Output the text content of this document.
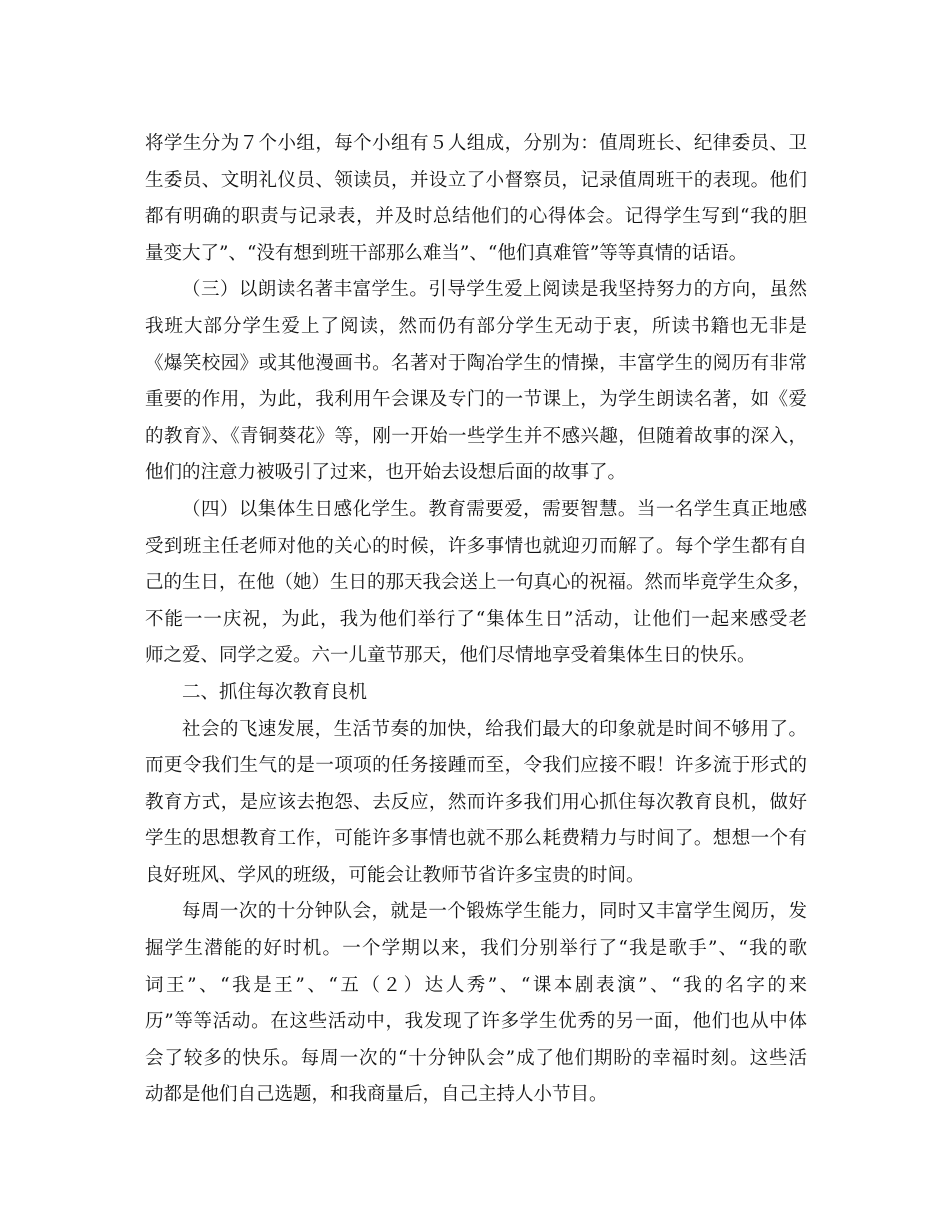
将学生分为７个小组，每个小组有５人组成，分别为：值周班长、纪律委员、卫
生委员、文明礼仪员、领读员，并设立了小督察员，记录值周班干的表现。他们
都有明确的职责与记录表，并及时总结他们的心得体会。记得学生写到“我的胆
量变大了”、“没有想到班干部那么难当”、“他们真难管”等等真情的话语。
（三）以朗读名著丰富学生。引导学生爱上阅读是我坚持努力的方向，虽然
我班大部分学生爱上了阅读，然而仍有部分学生无动于衷，所读书籍也无非是
《爆笑校园》或其他漫画书。名著对于陶冶学生的情操，丰富学生的阅历有非常
重要的作用，为此，我利用午会课及专门的一节课上，为学生朗读名著，如《爱
的教育》、《青铜葵花》等，刚一开始一些学生并不感兴趣，但随着故事的深入，
他们的注意力被吸引了过来，也开始去设想后面的故事了。
（四）以集体生日感化学生。教育需要爱，需要智慧。当一名学生真正地感
受到班主任老师对他的关心的时候，许多事情也就迎刃而解了。每个学生都有自
己的生日，在他（她）生日的那天我会送上一句真心的祝福。然而毕竟学生众多，
不能一一庆祝，为此，我为他们举行了“集体生日”活动，让他们一起来感受老
师之爱、同学之爱。六一儿童节那天，他们尽情地享受着集体生日的快乐。
二、抓住每次教育良机
社会的飞速发展，生活节奏的加快，给我们最大的印象就是时间不够用了。
而更令我们生气的是一项项的任务接踵而至，令我们应接不暇！许多流于形式的
教育方式，是应该去抱怨、去反应，然而许多我们用心抓住每次教育良机，做好
学生的思想教育工作，可能许多事情也就不那么耗费精力与时间了。想想一个有
良好班风、学风的班级，可能会让教师节省许多宝贵的时间。
每周一次的十分钟队会，就是一个锻炼学生能力，同时又丰富学生阅历，发
掘学生潜能的好时机。一个学期以来，我们分别举行了“我是歌手”、“我的歌
词王”、“我是王”、“五（２）达人秀”、“课本剧表演”、“我的名字的来
历”等等活动。在这些活动中，我发现了许多学生优秀的另一面，他们也从中体
会了较多的快乐。每周一次的“十分钟队会”成了他们期盼的幸福时刻。这些活
动都是他们自己选题，和我商量后，自己主持人小节目。
